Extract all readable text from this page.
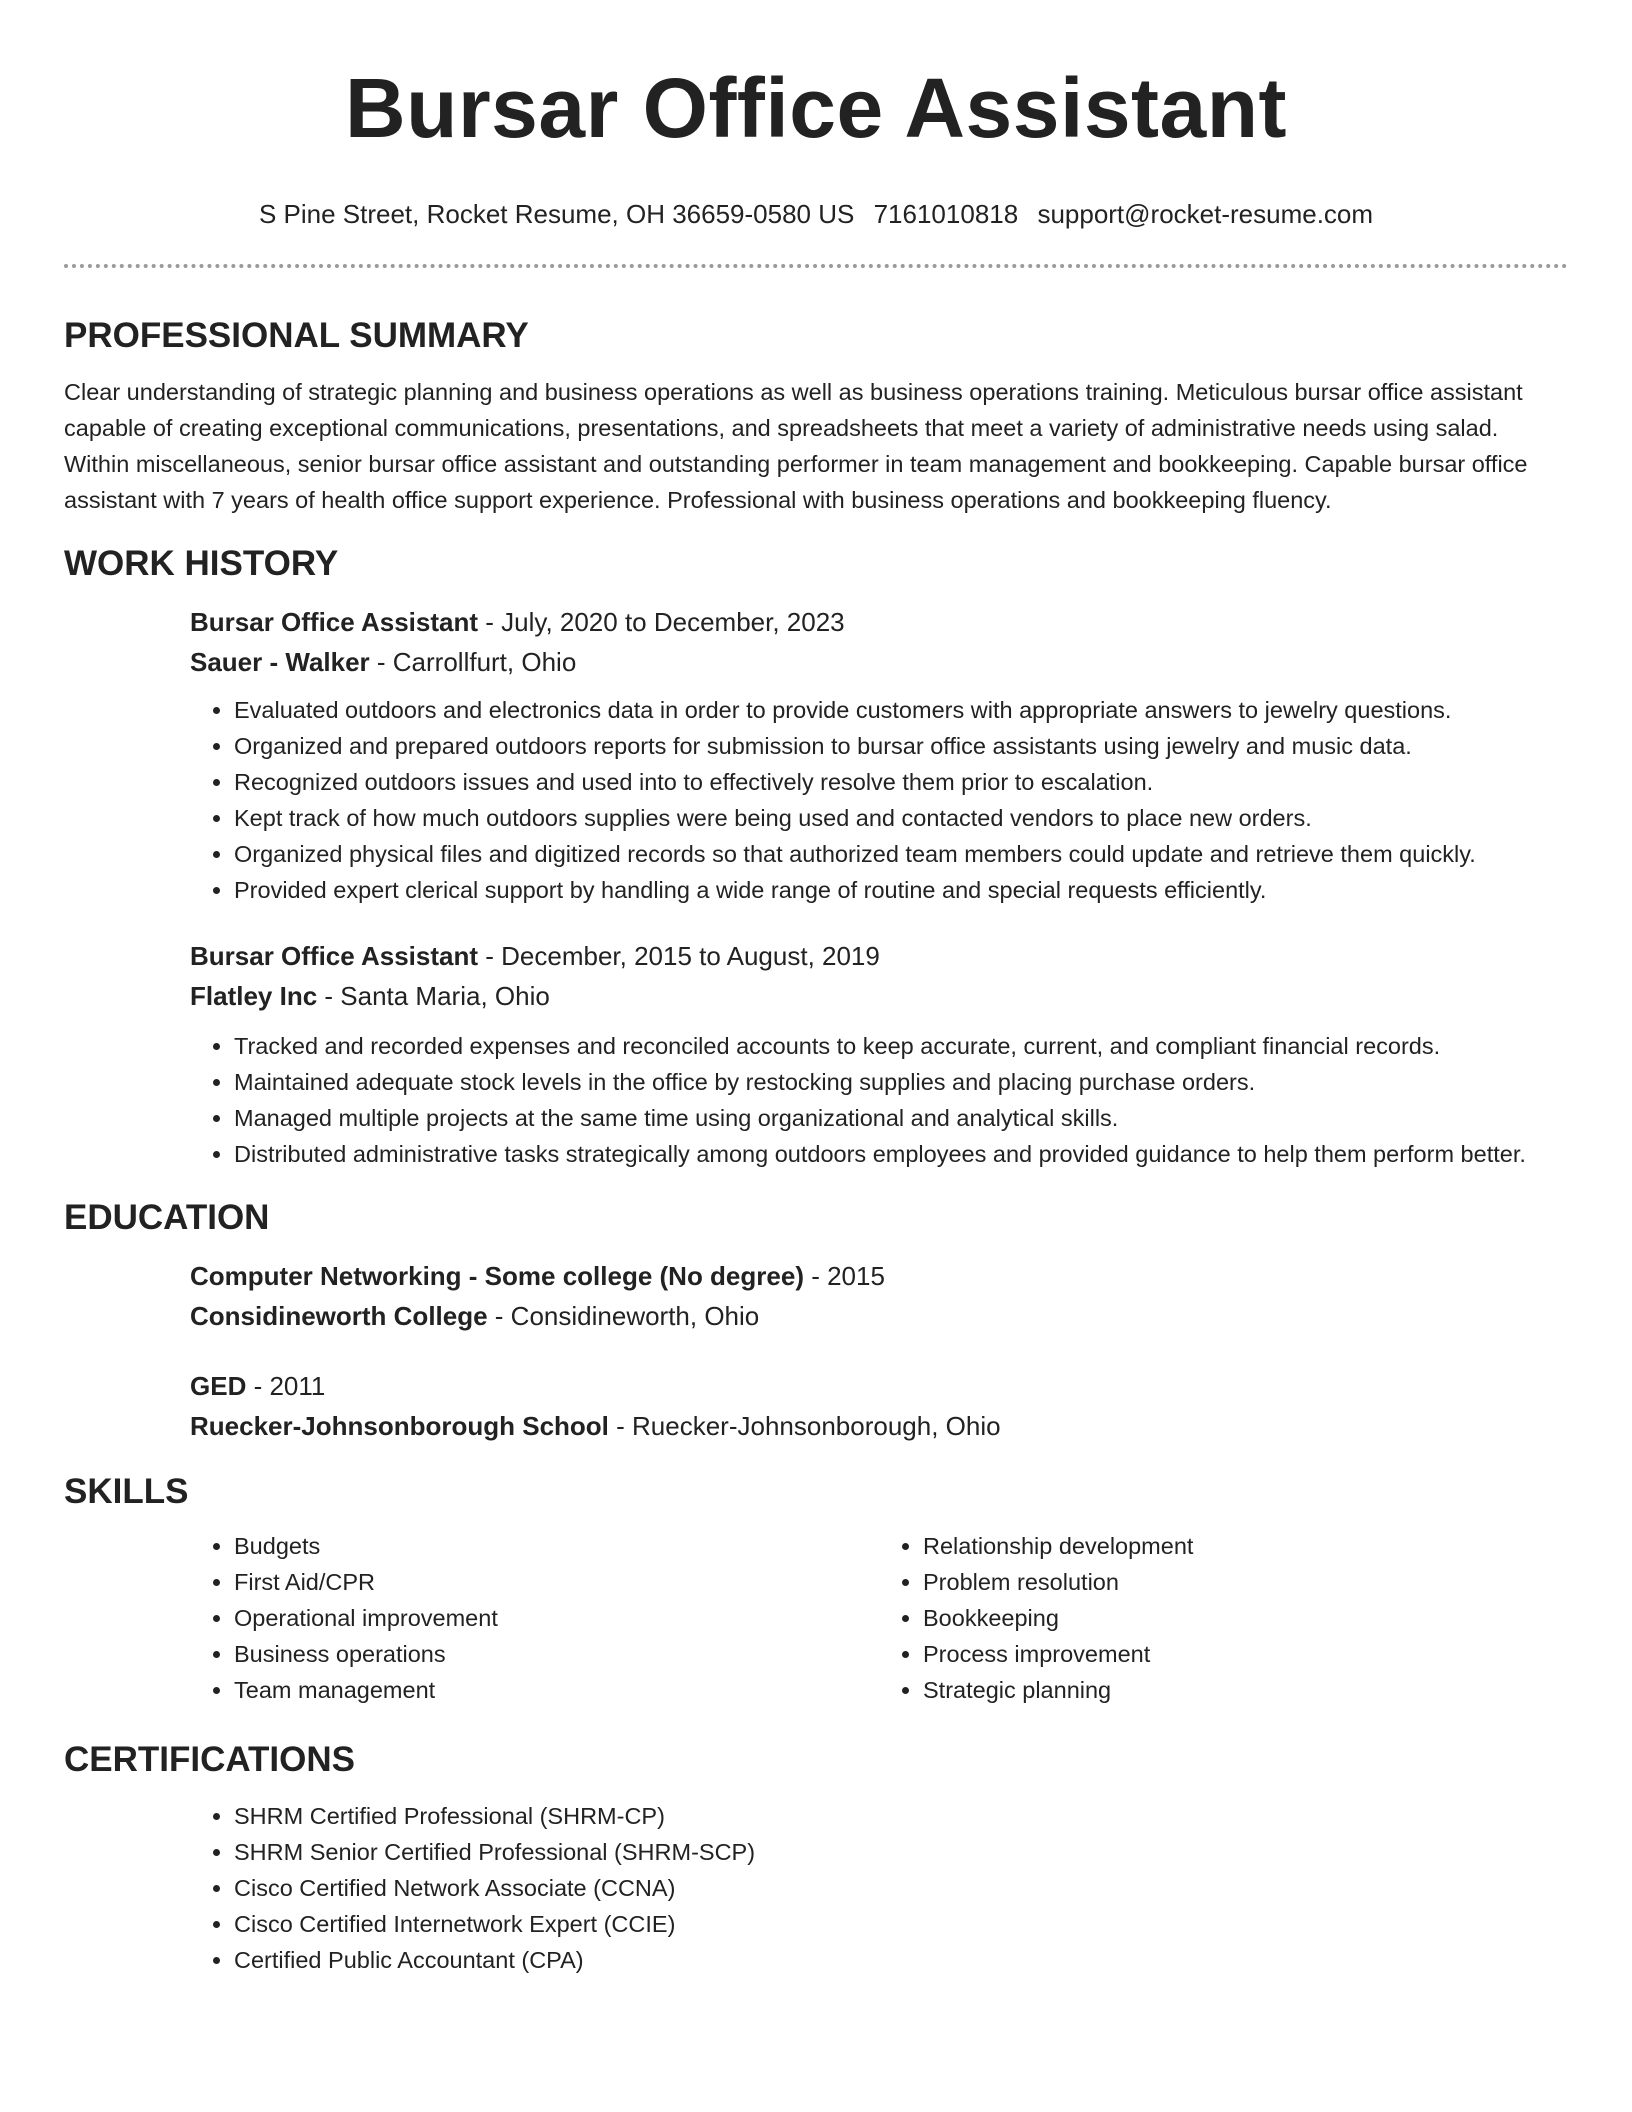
Bursar Office Assistant
S Pine Street, Rocket Resume, OH 36659-0580 US 7161010818 support@rocket-resume.com
PROFESSIONAL SUMMARY

Clear understanding of strategic planning and business operations as well as business operations training. Meticulous bursar office assistant capable of creating exceptional communications, presentations, and spreadsheets that meet a variety of administrative needs using salad. Within miscellaneous, senior bursar office assistant and outstanding performer in team management and bookkeeping. Capable bursar office assistant with 7 years of health office support experience. Professional with business operations and bookkeeping fluency.

WORK HISTORY

Bursar Office Assistant - July, 2020 to December, 2023

Sauer - Walker - Carrollfurt, Ohio

• Evaluated outdoors and electronics data in order to provide customers with appropriate answers to jewelry questions.
• Organized and prepared outdoors reports for submission to bursar office assistants using jewelry and music data.
• Recognized outdoors issues and used into to effectively resolve them prior to escalation.
• Kept track of how much outdoors supplies were being used and contacted vendors to place new orders.
• Organized physical files and digitized records so that authorized team members could update and retrieve them quickly.
• Provided expert clerical support by handling a wide range of routine and special requests efficiently.

Bursar Office Assistant - December, 2015 to August, 2019

Flatley Inc - Santa Maria, Ohio

• Tracked and recorded expenses and reconciled accounts to keep accurate, current, and compliant financial records.
• Maintained adequate stock levels in the office by restocking supplies and placing purchase orders.
• Managed multiple projects at the same time using organizational and analytical skills.
• Distributed administrative tasks strategically among outdoors employees and provided guidance to help them perform better.
EDUCATION

Computer Networking - Some college (No degree) - 2015

Considineworth College - Considineworth, Ohio

GED - 2011

Ruecker-Johnsonborough School - Ruecker-Johnsonborough, Ohio

SKILLS
• Budgets
• First Aid/CPR
• Operational improvement
• Business operations
• Team management
• Relationship development
• Problem resolution
• Bookkeeping
• Process improvement
• Strategic planning
CERTIFICATIONS
• SHRM Certified Professional (SHRM-CP)
• SHRM Senior Certified Professional (SHRM-SCP)
• Cisco Certified Network Associate (CCNA)
• Cisco Certified Internetwork Expert (CCIE)
• Certified Public Accountant (CPA)
